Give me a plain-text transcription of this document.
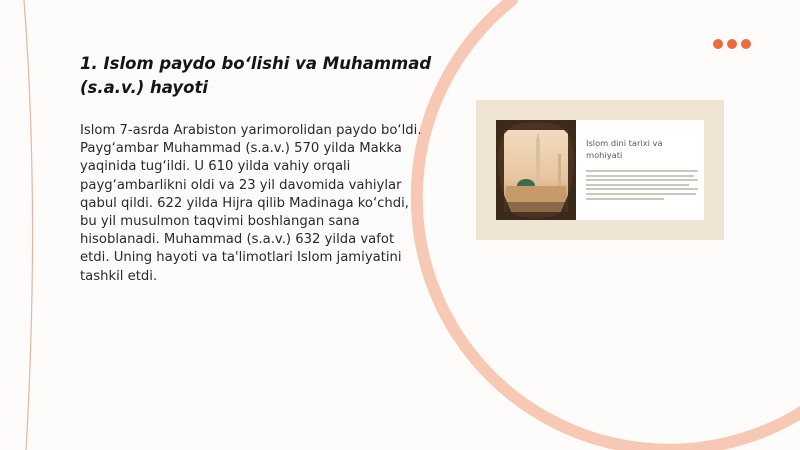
1. Islom paydo bo‘lishi va Muhammad (s.a.v.) hayoti

Islom 7-asrda Arabiston yarimorolidan paydo bo‘ldi. Payg‘ambar Muhammad (s.a.v.) 570 yilda Makka yaqinida tug‘ildi. U 610 yilda vahiy orqali payg‘ambarlikni oldi va 23 yil davomida vahiylar qabul qildi. 622 yilda Hijra qilib Madinaga ko‘chdi, bu yil musulmon taqvimi boshlangan sana hisoblanadi. Muhammad (s.a.v.) 632 yilda vafot etdi. Uning hayoti va ta'limotlari Islom jamiyatini tashkil etdi.

Islom dini tarixi va mohiyati
